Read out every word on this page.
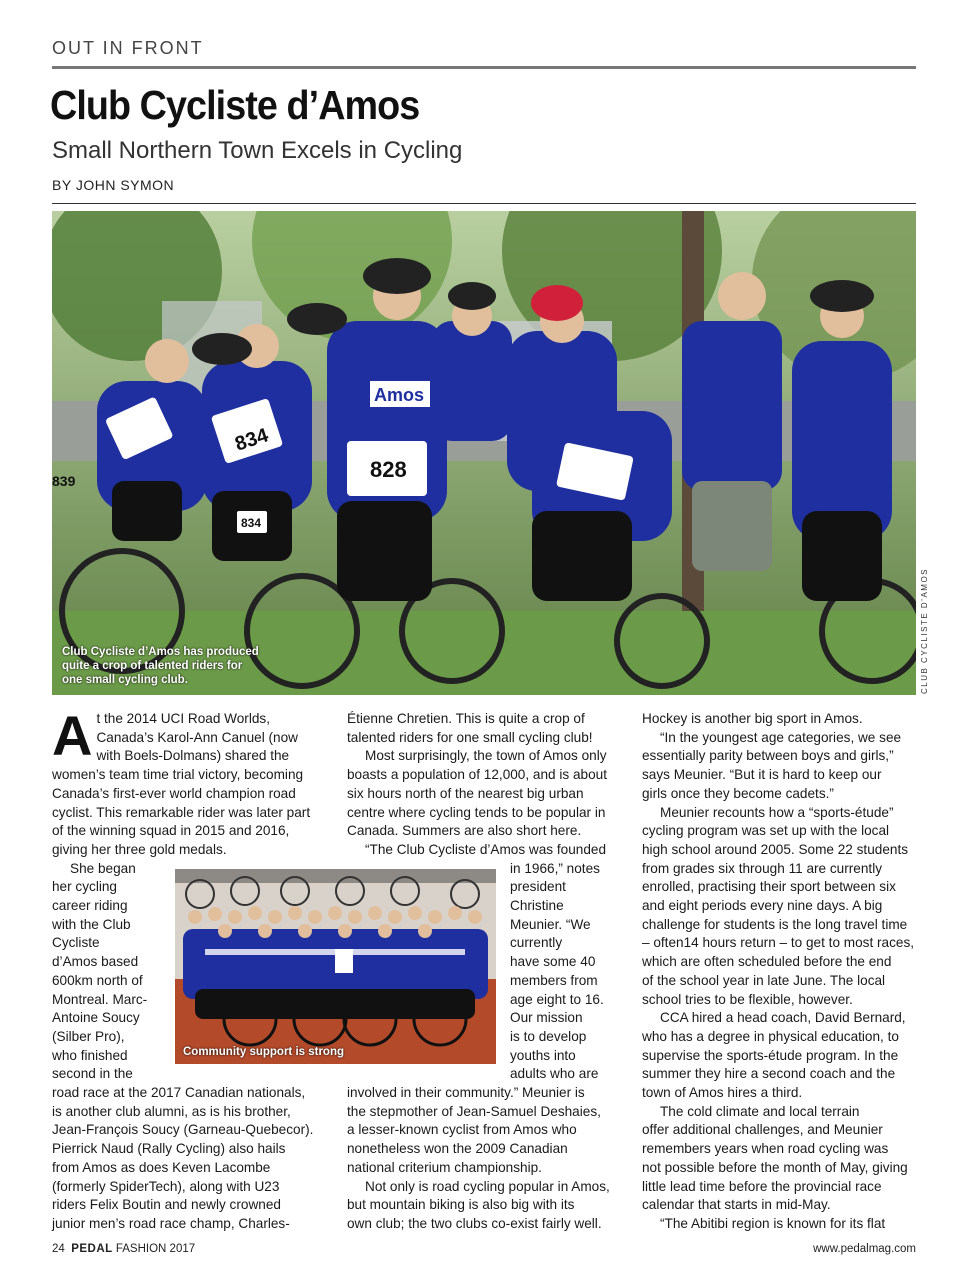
OUT IN FRONT
Club Cycliste d’Amos
Small Northern Town Excels in Cycling
BY JOHN SYMON
Amos
834
839	828
834
Club Cycliste d’Amos has produced quite a crop of talented riders for one small cycling club.	CLUB CYCLISTE D’AMOS
A t the 2014 UCI Road Worlds,
Canada’s Karol-Ann Canuel (now
with Boels-Dolmans) shared the
women’s team time trial victory, becoming
Canada’s first-ever world champion road
cyclist. This remarkable rider was later part
of the winning squad in 2015 and 2016,
giving her three gold medals.
She began
her cycling
career riding
with the Club
Cycliste
d’Amos based
600km north of
Montreal. Marc-
Antoine Soucy
(Silber Pro),
who finished
second in the
road race at the 2017 Canadian nationals,
is another club alumni, as is his brother,
Jean-François Soucy (Garneau-Quebecor).
Pierrick Naud (Rally Cycling) also hails
from Amos as does Keven Lacombe
(formerly SpiderTech), along with U23
riders Felix Boutin and newly crowned
junior men’s road race champ, Charles-
Étienne Chretien. This is quite a crop of
talented riders for one small cycling club!
Most surprisingly, the town of Amos only
boasts a population of 12,000, and is about
six hours north of the nearest big urban
centre where cycling tends to be popular in
Canada. Summers are also short here.
“The Club Cycliste d’Amos was founded
in 1966,” notes
president
Christine
Meunier. “We
currently
have some 40
members from
age eight to 16.
Our mission
is to develop
youths into
adults who are
involved in their community.” Meunier is
the stepmother of Jean-Samuel Deshaies,
a lesser-known cyclist from Amos who
nonetheless won the 2009 Canadian
national criterium championship.
Not only is road cycling popular in Amos,
but mountain biking is also big with its
own club; the two clubs co-exist fairly well.
Hockey is another big sport in Amos.
“In the youngest age categories, we see
essentially parity between boys and girls,”
says Meunier. “But it is hard to keep our
girls once they become cadets.”
Meunier recounts how a “sports-étude”
cycling program was set up with the local
high school around 2005. Some 22 students
from grades six through 11 are currently
enrolled, practising their sport between six
and eight periods every nine days. A big
challenge for students is the long travel time
– often14 hours return – to get to most races,
which are often scheduled before the end
of the school year in late June. The local
school tries to be flexible, however.
CCA hired a head coach, David Bernard,
who has a degree in physical education, to
supervise the sports-étude program. In the
summer they hire a second coach and the
town of Amos hires a third.
The cold climate and local terrain
offer additional challenges, and Meunier
remembers years when road cycling was
not possible before the month of May, giving
little lead time before the provincial race
calendar that starts in mid-May.
“The Abitibi region is known for its flat
Community support is strong
24 PEDAL FASHION 2017	www.pedalmag.com
